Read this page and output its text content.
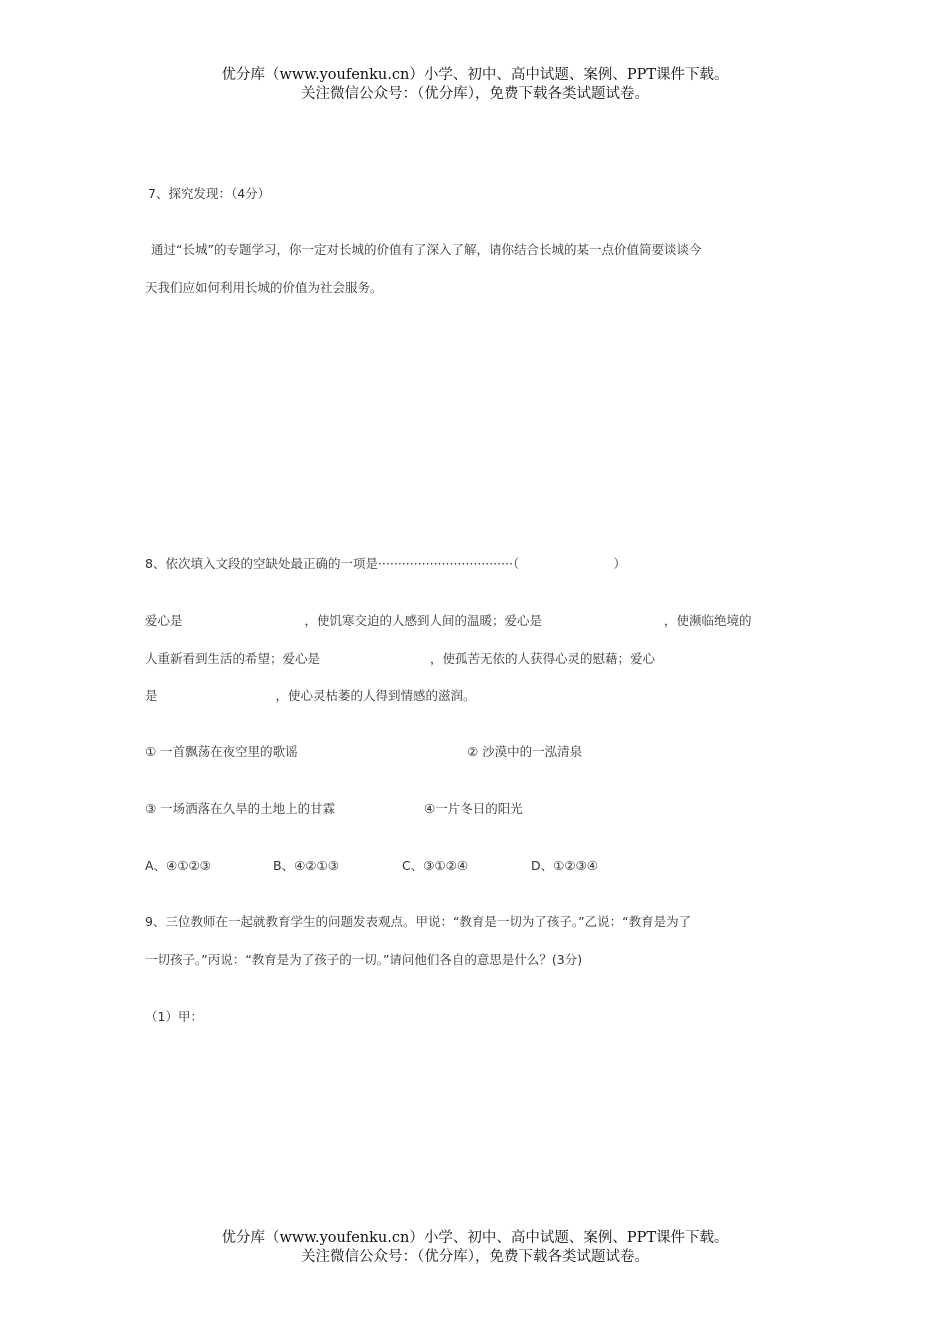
优分库（www.youfenku.cn）小学、初中、高中试题、案例、PPT课件下载。
关注微信公众号：（优分库），免费下载各类试题试卷。
7、探究发现：（4分）
通过“长城”的专题学习，你一定对长城的价值有了深入了解，请你结合长城的某一点价值简要谈谈今
天我们应如何利用长城的价值为社会服务。
8、依次填入文段的空缺处最正确的一项是··································（	）
爱心是	，使饥寒交迫的人感到人间的温暖；爱心是	，使濒临绝境的
人重新看到生活的希望；爱心是	，使孤苦无依的人获得心灵的慰藉；爱心
是	，使心灵枯萎的人得到情感的滋润。
① 一首飘荡在夜空里的歌谣	② 沙漠中的一泓清泉
③ 一场洒落在久旱的土地上的甘霖	④一片冬日的阳光
A、④①②③	B、④②①③	C、③①②④	D、①②③④
9、三位教师在一起就教育学生的问题发表观点。甲说：“教育是一切为了孩子。”乙说：“教育是为了
一切孩子。”丙说：“教育是为了孩子的一切。”请问他们各自的意思是什么？(3分)
（1）甲：
优分库（www.youfenku.cn）小学、初中、高中试题、案例、PPT课件下载。
关注微信公众号：（优分库），免费下载各类试题试卷。
